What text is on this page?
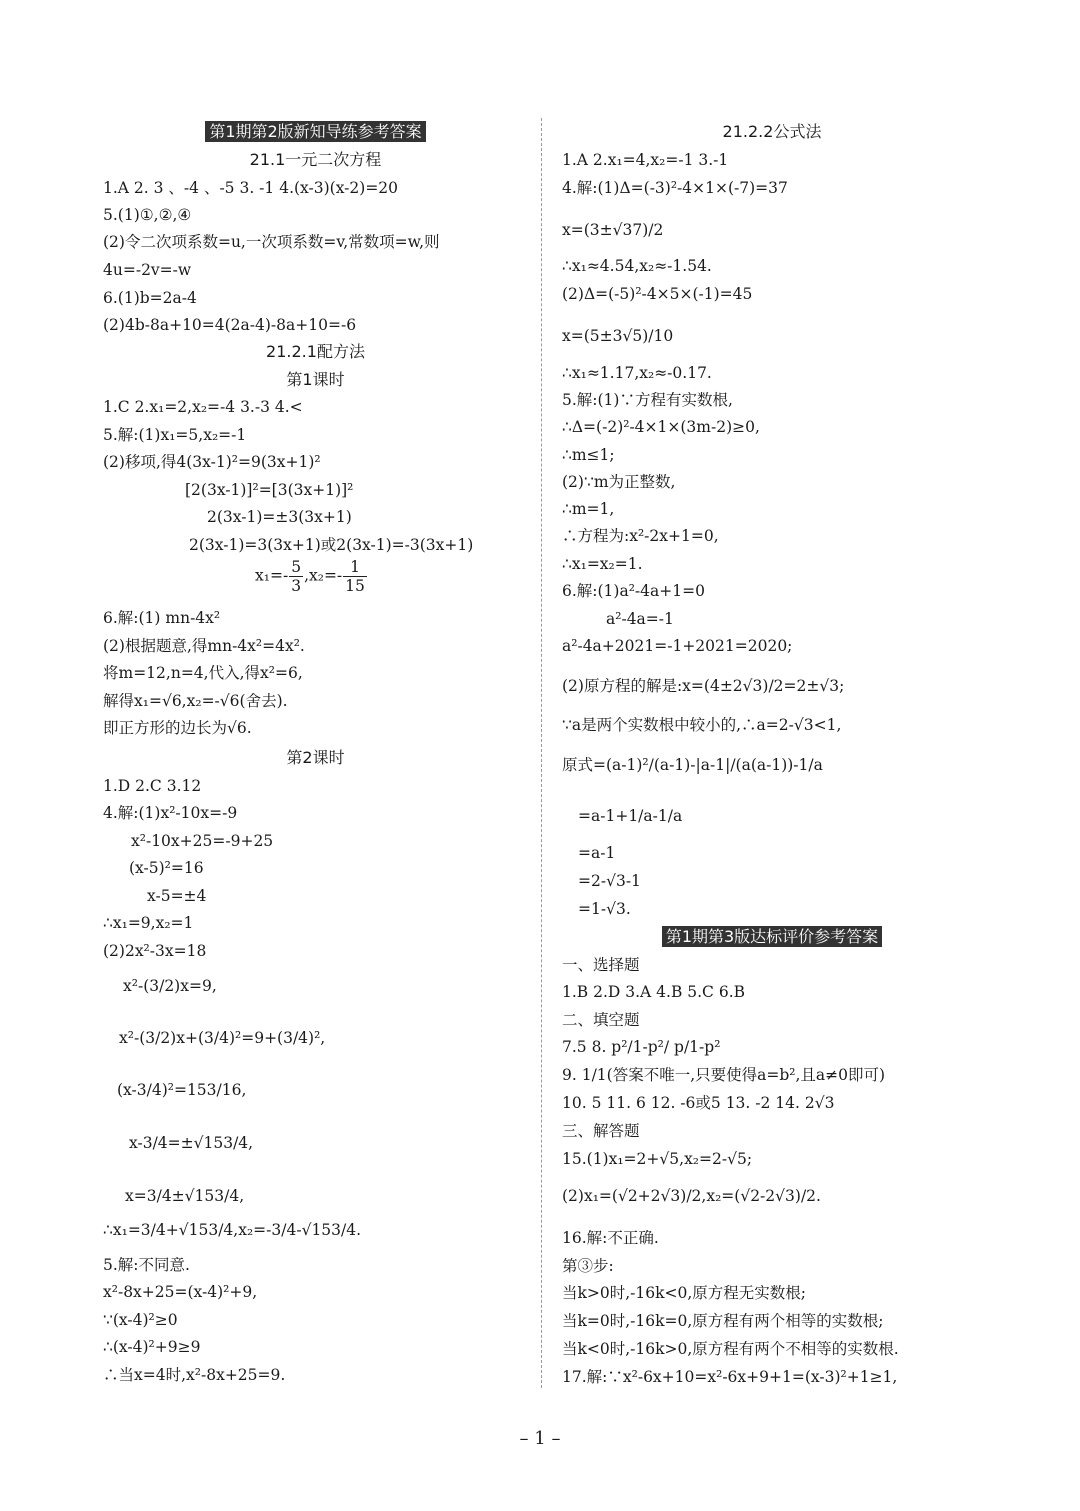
第1期第2版新知导练参考答案
21.1一元二次方程
1.A 2. 3 、-4 、-5 3. -1 4.(x-3)(x-2)=20
5.(1)①,②,④
(2)令二次项系数=u,一次项系数=v,常数项=w,则
4u=-2v=-w
6.(1)b=2a-4
(2)4b-8a+10=4(2a-4)-8a+10=-6
21.2.1配方法
第1课时
1.C 2.x₁=2,x₂=-4 3.-3 4.<
5.解:(1)x₁=5,x₂=-1
(2)移项,得4(3x-1)²=9(3x+1)²
[2(3x-1)]²=[3(3x+1)]²
2(3x-1)=±3(3x+1)
2(3x-1)=3(3x+1)或2(3x-1)=-3(3x+1)
$x_1=- \frac{5}{3} ,x_2=- \frac{1}{15}$
6.解:(1) mn-4x²
(2)根据题意,得mn-4x²=4x².
将m=12,n=4,代入,得x²=6,
解得x₁=√6,x₂=-√6(舍去).
即正方形的边长为√6.
第2课时
1.D 2.C 3.12
4.解:(1)x²-10x=-9
x²-10x+25=-9+25
(x-5)²=16
x-5=±4
∴x₁=9,x₂=1
(2)2x²-3x=18
x²-(3/2)x=9,
x²-(3/2)x+(3/4)²=9+(3/4)²,
(x-3/4)²=153/16,
x-3/4=±√153/4,
x=3/4±√153/4,
∴x₁=3/4+√153/4,x₂=-3/4-√153/4.
5.解:不同意.
x²-8x+25=(x-4)²+9,
∵(x-4)²≥0
∴(x-4)²+9≥9
∴当x=4时,x²-8x+25=9.
21.2.2公式法
1.A 2.x₁=4,x₂=-1 3.-1
4.解:(1)Δ=(-3)²-4×1×(-7)=37
x=(3±√37)/2
∴x₁≈4.54,x₂≈-1.54.
(2)Δ=(-5)²-4×5×(-1)=45
x=(5±3√5)/10
∴x₁≈1.17,x₂≈-0.17.
5.解:(1)∵方程有实数根,
∴Δ=(-2)²-4×1×(3m-2)≥0,
∴m≤1;
(2)∵m为正整数,
∴m=1,
∴方程为:x²-2x+1=0,
∴x₁=x₂=1.
6.解:(1)a²-4a+1=0
a²-4a=-1
a²-4a+2021=-1+2021=2020;
(2)原方程的解是:x=(4±2√3)/2=2±√3;
∵a是两个实数根中较小的,∴a=2-√3<1,
原式=(a-1)²/(a-1)-|a-1|/(a(a-1))-1/a
=a-1+1/a-1/a
=a-1
=2-√3-1
=1-√3.
第1期第3版达标评价参考答案
一、选择题
1.B 2.D 3.A 4.B 5.C 6.B
二、填空题
7.5 8. p²/1-p²/ p/1-p²
9. 1/1(答案不唯一,只要使得a=b²,且a≠0即可)
10. 5 11. 6 12. -6或5 13. -2 14. 2√3
三、解答题
15.(1)x₁=2+√5,x₂=2-√5;
(2)x₁=(√2+2√3)/2,x₂=(√2-2√3)/2.
16.解:不正确.
第③步:
当k>0时,-16k<0,原方程无实数根;
当k=0时,-16k=0,原方程有两个相等的实数根;
当k<0时,-16k>0,原方程有两个不相等的实数根.
17.解:∵x²-6x+10=x²-6x+9+1=(x-3)²+1≥1,
– 1 –
